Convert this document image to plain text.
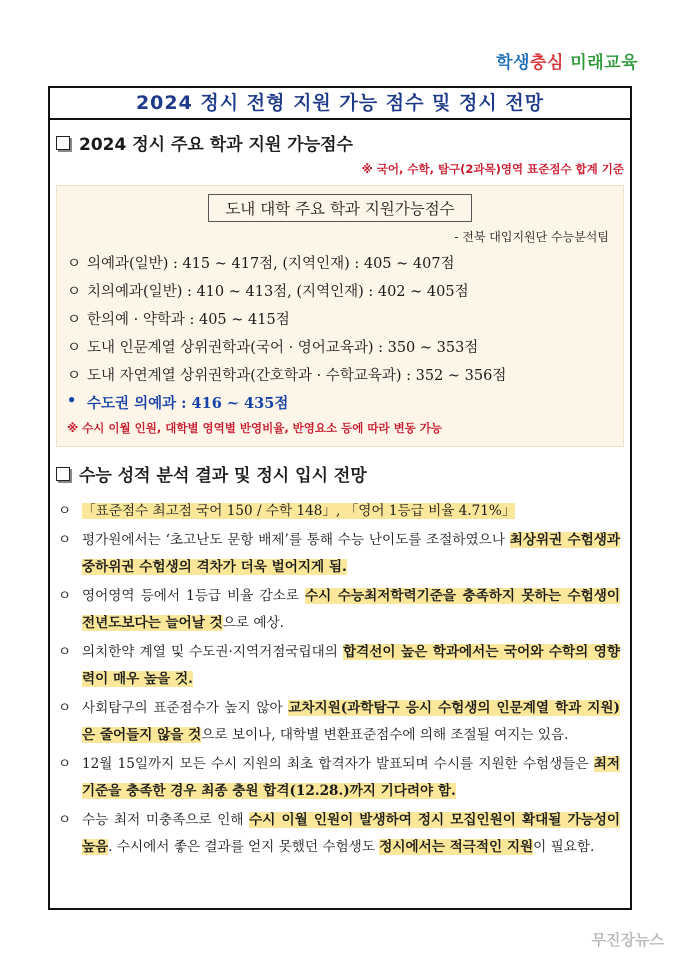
학생충심 미래교육
2024 정시 전형 지원 가능 점수 및 정시 전망
2024 정시 주요 학과 지원 가능점수
※ 국어, 수학, 탐구(2과목)영역 표준점수 합계 기준
도내 대학 주요 학과 지원가능점수
- 전북 대입지원단 수능분석팀
ㅇ 의예과(일반) : 415 ~ 417점, (지역인재) : 405 ~ 407점
ㅇ 치의예과(일반) : 410 ~ 413점, (지역인재) : 402 ~ 405점
ㅇ 한의예 · 약학과 : 405 ~ 415점
ㅇ 도내 인문계열 상위권학과(국어 · 영어교육과) : 350 ~ 353점
ㅇ 도내 자연계열 상위권학과(간호학과 · 수학교육과) : 352 ~ 356점
• 수도권 의예과 : 416 ~ 435점
※ 수시 이월 인원, 대학별 영역별 반영비율, 반영요소 등에 따라 변동 가능
수능 성적 분석 결과 및 정시 입시 전망
ㅇ 「표준점수 최고점 국어 150 / 수학 148」, 「영어 1등급 비율 4.71%」
ㅇ 평가원에서는 ‘초고난도 문항 배제’를 통해 수능 난이도를 조절하였으나 최상위권 수험생과 중하위권 수험생의 격차가 더욱 벌어지게 됨.
ㅇ 영어영역 등에서 1등급 비율 감소로 수시 수능최저학력기준을 충족하지 못하는 수험생이 전년도보다는 늘어날 것으로 예상.
ㅇ 의치한약 계열 및 수도권·지역거점국립대의 합격선이 높은 학과에서는 국어와 수학의 영향력이 매우 높을 것.
ㅇ 사회탐구의 표준점수가 높지 않아 교차지원(과학탐구 응시 수험생의 인문계열 학과 지원)은 줄어들지 않을 것으로 보이나, 대학별 변환표준점수에 의해 조절될 여지는 있음.
ㅇ 12월 15일까지 모든 수시 지원의 최초 합격자가 발표되며 수시를 지원한 수험생들은 최저기준을 충족한 경우 최종 충원 합격(12.28.)까지 기다려야 함.
ㅇ 수능 최저 미충족으로 인해 수시 이월 인원이 발생하여 정시 모집인원이 확대될 가능성이 높음. 수시에서 좋은 결과를 얻지 못했던 수험생도 정시에서는 적극적인 지원이 필요함.
무진장뉴스
